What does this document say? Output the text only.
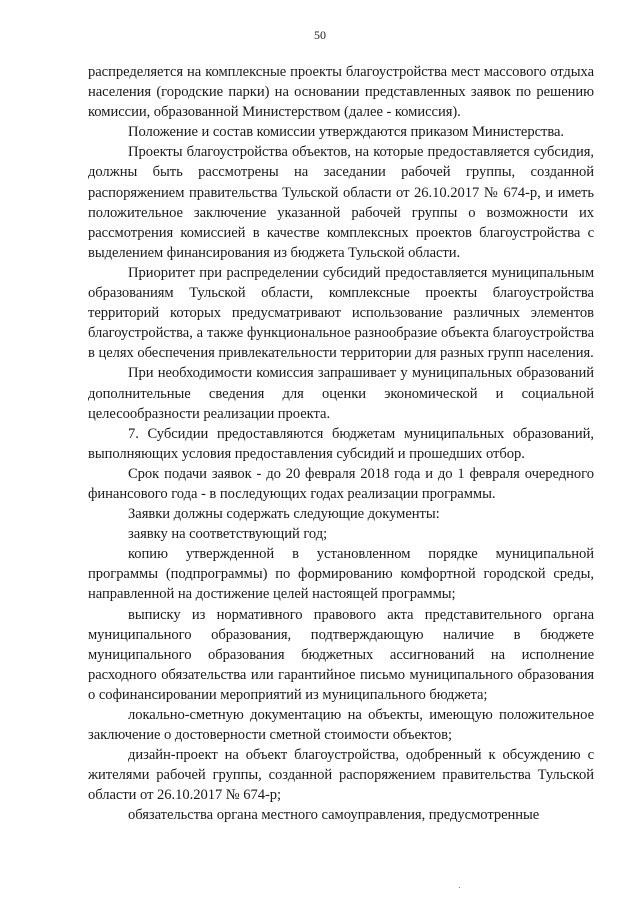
50

распределяется на комплексные проекты благоустройства мест массового отдыха населения (городские парки) на основании представленных заявок по решению комиссии, образованной Министерством (далее - комиссия).

Положение и состав комиссии утверждаются приказом Министерства.

Проекты благоустройства объектов, на которые предоставляется субсидия, должны быть рассмотрены на заседании рабочей группы, созданной распоряжением правительства Тульской области от 26.10.2017 № 674-р, и иметь положительное заключение указанной рабочей группы о возможности их рассмотрения комиссией в качестве комплексных проектов благоустройства с выделением финансирования из бюджета Тульской области.

Приоритет при распределении субсидий предоставляется муниципальным образованиям Тульской области, комплексные проекты благоустройства территорий которых предусматривают использование различных элементов благоустройства, а также функциональное разнообразие объекта благоустройства в целях обеспечения привлекательности территории для разных групп населения.

При необходимости комиссия запрашивает у муниципальных образований дополнительные сведения для оценки экономической и социальной целесообразности реализации проекта.

7. Субсидии предоставляются бюджетам муниципальных образований, выполняющих условия предоставления субсидий и прошедших отбор.

Срок подачи заявок - до 20 февраля 2018 года и до 1 февраля очередного финансового года - в последующих годах реализации программы.

Заявки должны содержать следующие документы:

заявку на соответствующий год;

копию утвержденной в установленном порядке муниципальной программы (подпрограммы) по формированию комфортной городской среды, направленной на достижение целей настоящей программы;

выписку из нормативного правового акта представительного органа муниципального образования, подтверждающую наличие в бюджете муниципального образования бюджетных ассигнований на исполнение расходного обязательства или гарантийное письмо муниципального образования о софинансировании мероприятий из муниципального бюджета;

локально-сметную документацию на объекты, имеющую положительное заключение о достоверности сметной стоимости объектов;

дизайн-проект на объект благоустройства, одобренный к обсуждению с жителями рабочей группы, созданной распоряжением правительства Тульской области от 26.10.2017 № 674-р;

обязательства органа местного самоуправления, предусмотренные
